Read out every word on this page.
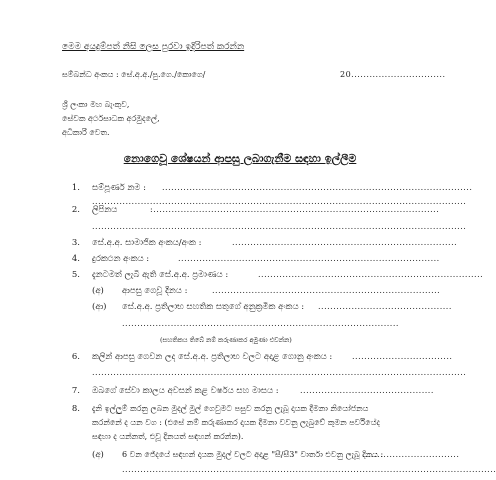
මෙම අයදුම්පත් නිසි ලෙස පුරවා ඉදිරිපත් කරන්න
සම්බන්ධ අංකය : සේ.අ.අ./පු.ගෙ./කොගෙ/	20...............................
ශ්‍රී ලංකා මහ බැංකුව,
සේවක අර්ථසාධක අරමුදලේ,
අධිකාරි වෙත.
නොගෙවූ ශේෂයන් ආපසු ලබාගැනීම සඳහා ඉල්ලීම
1. සම්පූර්ණ නම : ......................................................................................................
...........................................................................................................................
2. ලිපිනය	:..............................................................................................
...........................................................................................................................
3. සේ.අ.අ. සාමාජික අංකය/අංක :	..........................................................................
4. දුරකථන අංකය :	......................................................................................
5. දැනටමත් ලැබී ඇති සේ.අ.අ. ප්‍රමාණය :	..........................................................................
(අ) ආපසු ගෙවූ දිනය :	...........................................................................
(ආ) සේ.අ.අ. ප්‍රතිලාභ සහතික සතුගේ අනුක්‍රමික අංකය : ............................................
...........................................................................................
(සහතිකය තිබේ නම් කරුණාකර අමුණා එවන්න)
6. කලින් ආපසු ගෙවන ලද සේ.අ.අ. ප්‍රතිලාභ වලට අදාළ ගොනු අංකය : .................................
...........................................................................................................................
7. ඔබගේ සේවා කාලය අවසන් කළ වර්ෂය සහ මාසය :	............................................
8. දැනි ඉල්ලුම් කරනු ලබන මුදල් මුල් ගෙවුමට පසුව කරනු ලැබූ දායක දීමනා නියෝජනය
කරන්නේ ද යන වග : (එසේ නම් කරුණාකර දායක දීමනා වවනු ලැබුවේ කුමන පර්වියේද
සඳහා ද යන්නත්, එවූ දිනයත් සඳහන් කරන්න).
(අ) 6 වන ජේදයේ සඳහන් දායක මුදල් වලට අදාළ "සී/සී3" වාර්තා එවනු ලැබූ දිනය :
................................
...........................................................................................................................
